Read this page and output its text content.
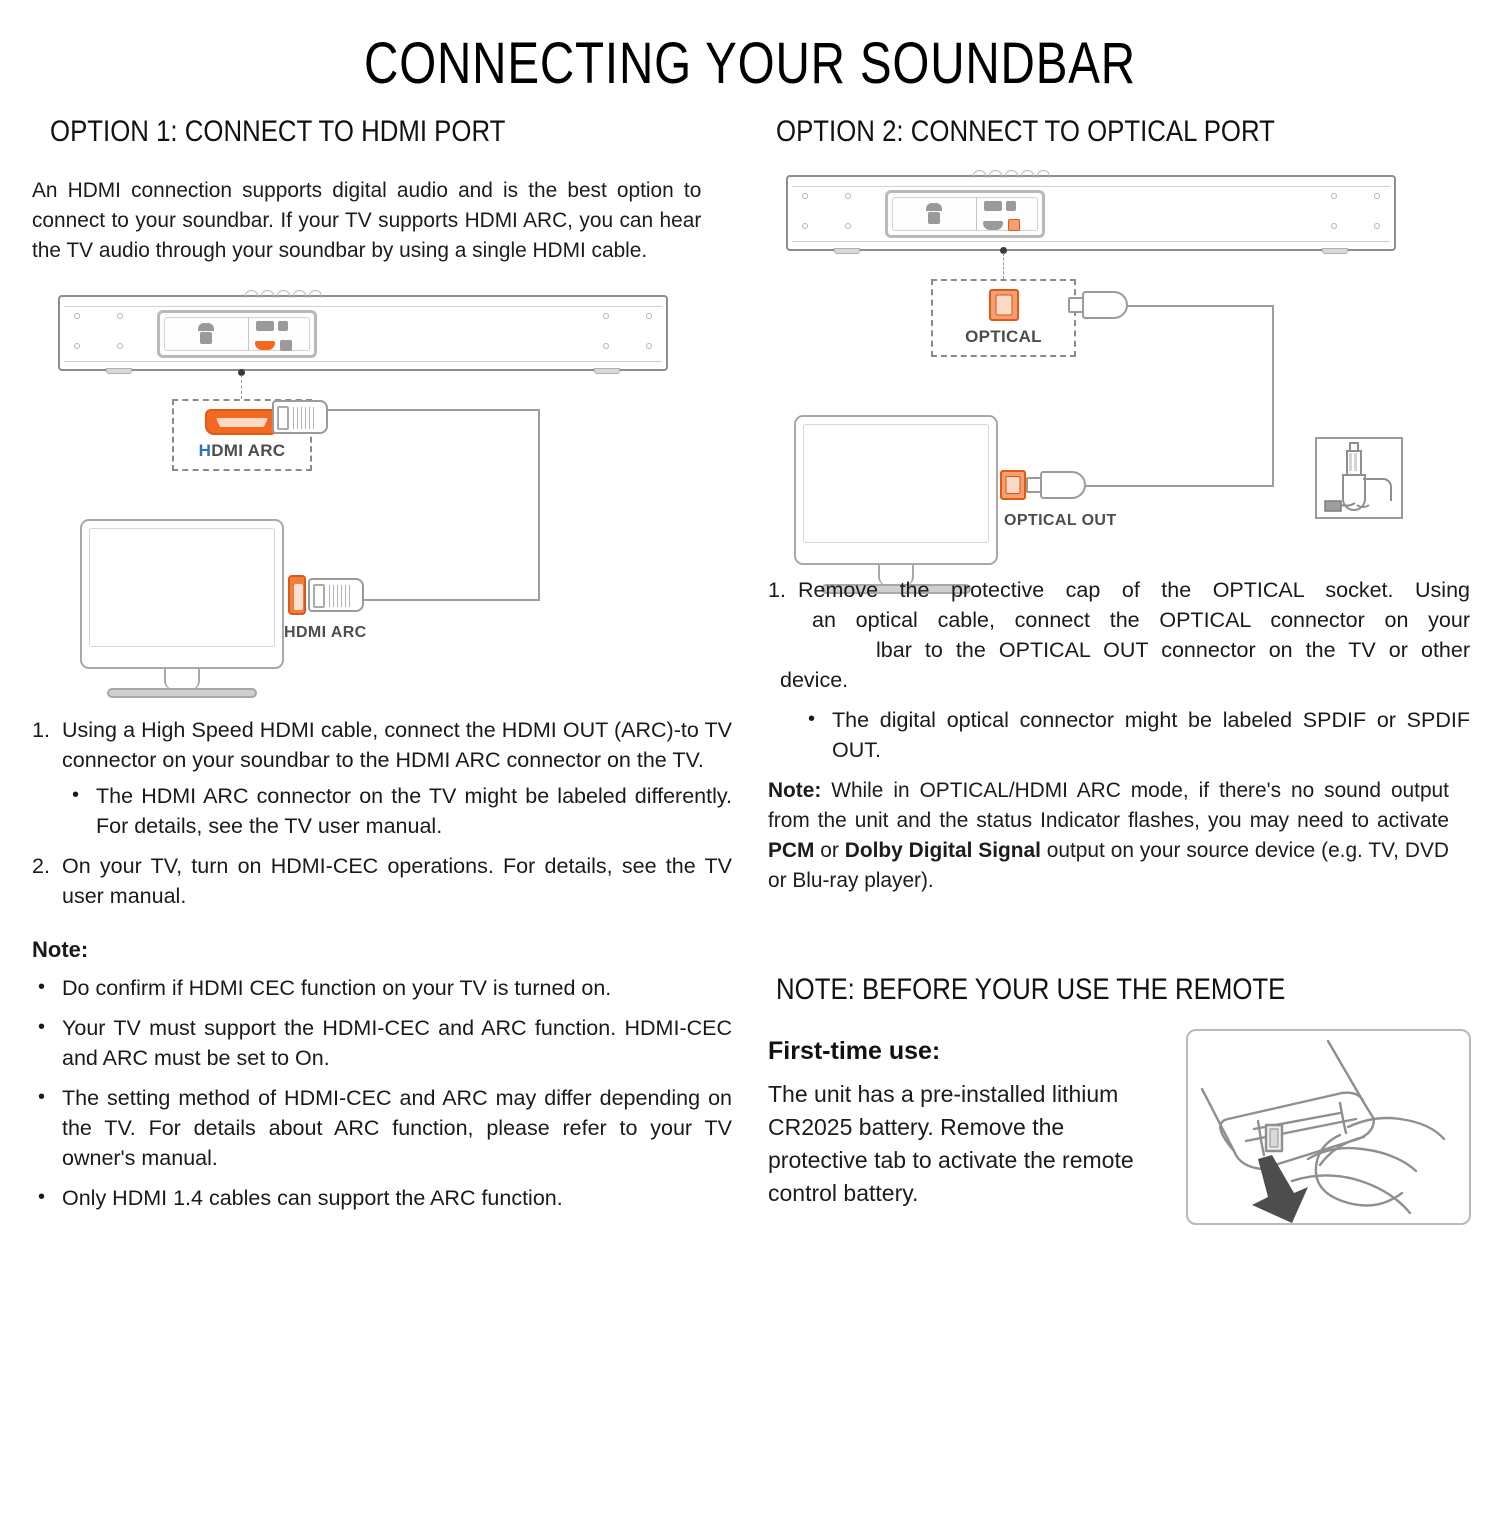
CONNECTING YOUR SOUNDBAR
OPTION 1: CONNECT TO HDMI PORT
An HDMI connection supports digital audio and is the best option to connect to your soundbar. If your TV supports HDMI ARC, you can hear the TV audio through your soundbar by using a single HDMI cable.
HDMI ARC
HDMI ARC
1. Using a High Speed HDMI cable, connect the HDMI OUT (ARC)-to TV connector on your soundbar to the HDMI ARC connector on the TV.
• The HDMI ARC connector on the TV might be labeled differently. For details, see the TV user manual.
2. On your TV, turn on HDMI-CEC operations. For details, see the TV user manual.
Note:
• Do confirm if HDMI CEC function on your TV is turned on.
• Your TV must support the HDMI-CEC and ARC function. HDMI-CEC and ARC must be set to On.
• The setting method of HDMI-CEC and ARC may differ depending on the TV. For details about ARC function, please refer to your TV owner's manual.
• Only HDMI 1.4 cables can support the ARC function.
OPTION 2: CONNECT TO OPTICAL PORT
OPTICAL
OPTICAL OUT
1. Remove the protective cap of the OPTICAL socket. Using
an optical cable, connect the OPTICAL connector on your
lbar to the OPTICAL OUT connector on the TV or other
device.
• The digital optical connector might be labeled SPDIF or SPDIF OUT.
Note: While in OPTICAL/HDMI ARC mode, if there's no sound output from the unit and the status Indicator flashes, you may need to activate PCM or Dolby Digital Signal output on your source device (e.g. TV, DVD or Blu-ray player).
NOTE: BEFORE YOUR USE THE REMOTE
First-time use:
The unit has a pre-installed lithium CR2025 battery. Remove the protective tab to activate the remote control battery.
